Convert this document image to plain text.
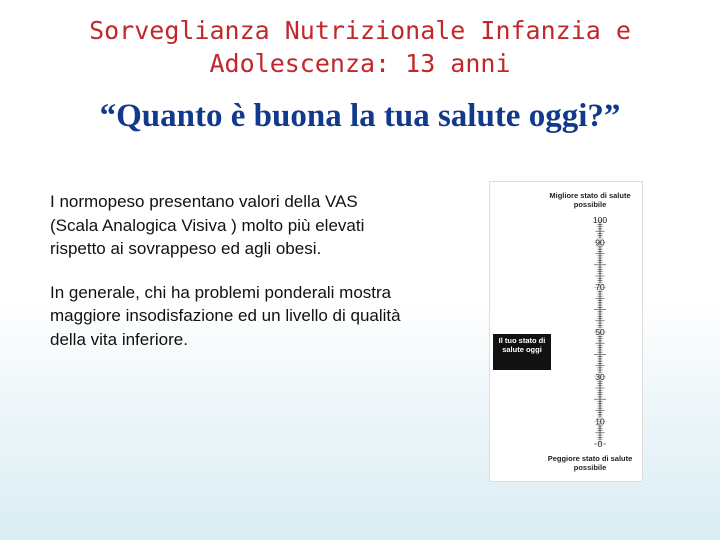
Sorveglianza Nutrizionale Infanzia e Adolescenza: 13 anni
“Quanto è buona la tua salute oggi?”

I normopeso presentano valori della VAS (Scala Analogica Visiva ) molto più elevati rispetto ai sovrappeso ed agli obesi.

In generale, chi ha problemi ponderali mostra maggiore insodisfazione ed un livello di qualità della vita inferiore.

Migliore stato di salute possibile
100
90
70
50
30
10
0
Il tuo stato di salute oggi
Peggiore stato di salute possibile
